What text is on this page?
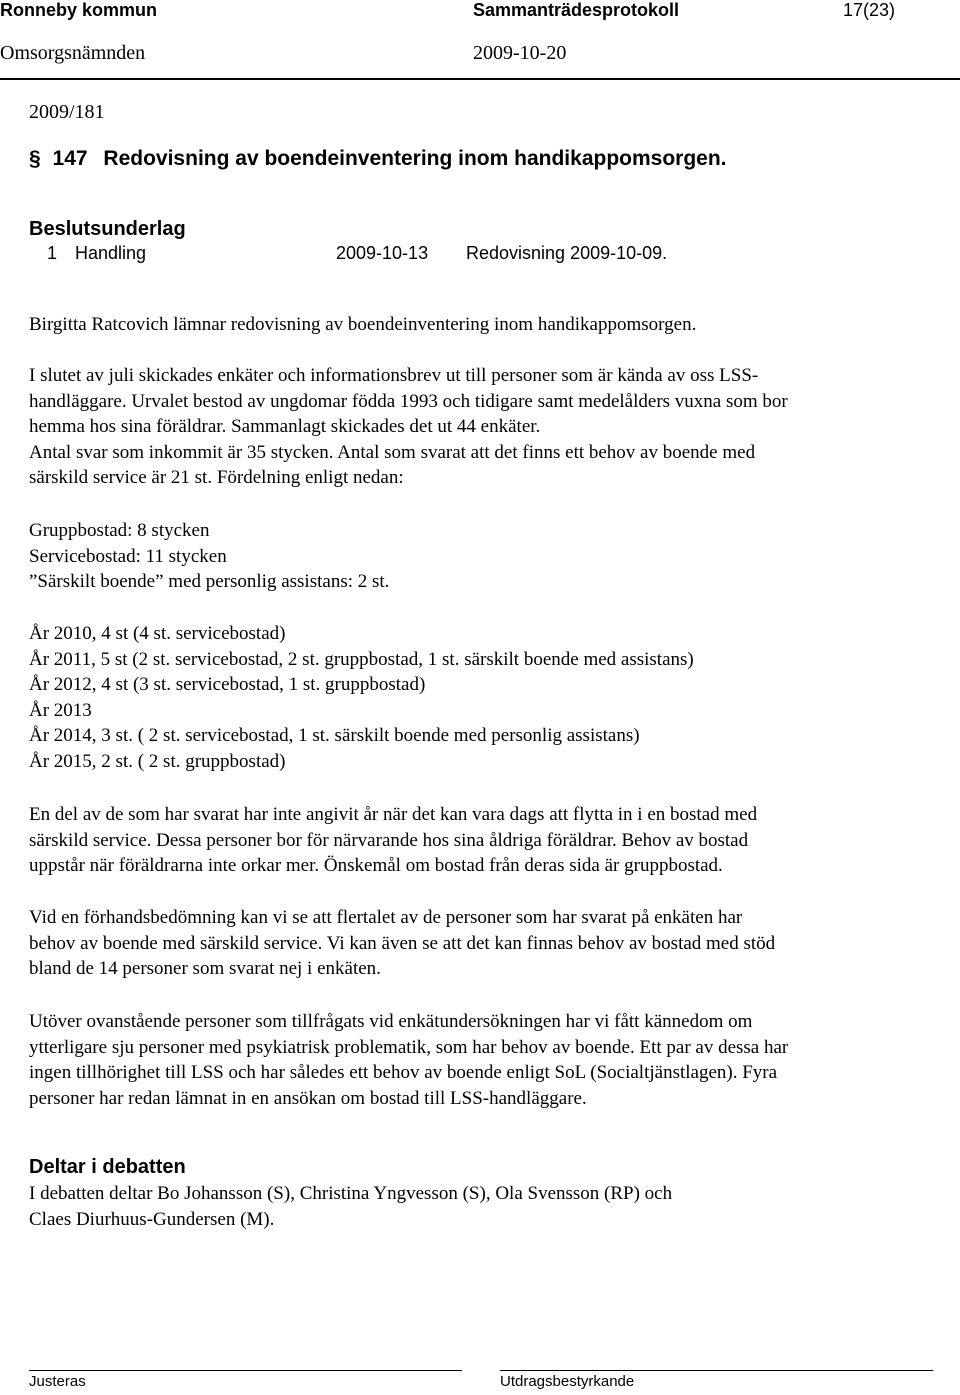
Ronneby kommun	Sammanträdesprotokoll	17(23)
Omsorgsnämnden	2009-10-20
2009/181
§ 147 Redovisning av boendeinventering inom handikappomsorgen.
Beslutsunderlag
1 Handling	2009-10-13 Redovisning 2009-10-09.
Birgitta Ratcovich lämnar redovisning av boendeinventering inom handikappomsorgen.
I slutet av juli skickades enkäter och informationsbrev ut till personer som är kända av oss LSS-
handläggare. Urvalet bestod av ungdomar födda 1993 och tidigare samt medelålders vuxna som bor
hemma hos sina föräldrar. Sammanlagt skickades det ut 44 enkäter.
Antal svar som inkommit är 35 stycken. Antal som svarat att det finns ett behov av boende med
särskild service är 21 st. Fördelning enligt nedan:
Gruppbostad: 8 stycken
Servicebostad: 11 stycken
”Särskilt boende” med personlig assistans: 2 st.
År 2010, 4 st (4 st. servicebostad)
År 2011, 5 st (2 st. servicebostad, 2 st. gruppbostad, 1 st. särskilt boende med assistans)
År 2012, 4 st (3 st. servicebostad, 1 st. gruppbostad)
År 2013
År 2014, 3 st. ( 2 st. servicebostad, 1 st. särskilt boende med personlig assistans)
År 2015, 2 st. ( 2 st. gruppbostad)
En del av de som har svarat har inte angivit år när det kan vara dags att flytta in i en bostad med
särskild service. Dessa personer bor för närvarande hos sina åldriga föräldrar. Behov av bostad
uppstår när föräldrarna inte orkar mer. Önskemål om bostad från deras sida är gruppbostad.
Vid en förhandsbedömning kan vi se att flertalet av de personer som har svarat på enkäten har
behov av boende med särskild service. Vi kan även se att det kan finnas behov av bostad med stöd
bland de 14 personer som svarat nej i enkäten.
Utöver ovanstående personer som tillfrågats vid enkätundersökningen har vi fått kännedom om
ytterligare sju personer med psykiatrisk problematik, som har behov av boende. Ett par av dessa har
ingen tillhörighet till LSS och har således ett behov av boende enligt SoL (Socialtjänstlagen). Fyra
personer har redan lämnat in en ansökan om bostad till LSS-handläggare.
Deltar i debatten
I debatten deltar Bo Johansson (S), Christina Yngvesson (S), Ola Svensson (RP) och
Claes Diurhuus-Gundersen (M).
Justeras	Utdragsbestyrkande
